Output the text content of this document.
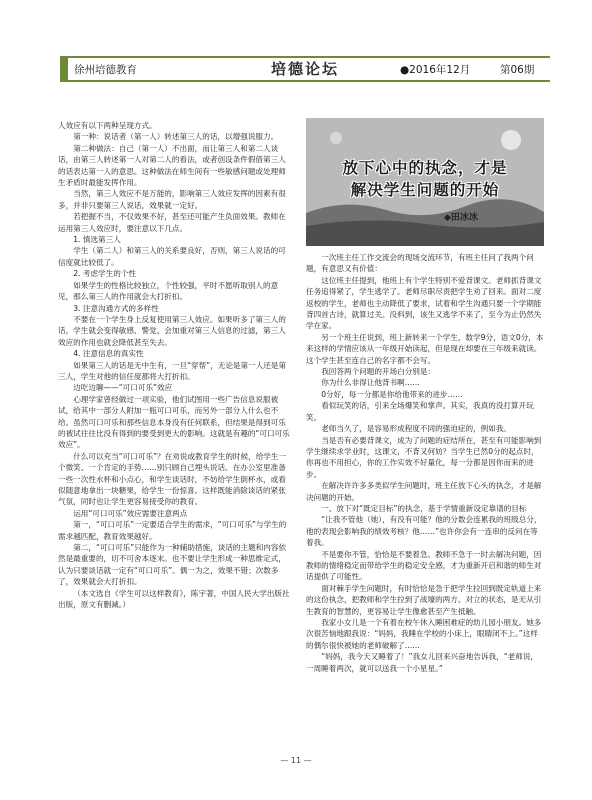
徐州培德教育	培德论坛	●2016年12月	第06期

人效应有以下两种呈现方式。

第一种：说话者（第一人）转述第三人的话，以增强说服力。

第二种做法：自己（第一人）不出面，而让第三人和第二人谈话，由第三人转述第一人对第二人的看法，或者创设条件假借第三人的话表达第一人的意思。这种做法在师生间有一些敏感问题或处理师生矛盾时最能发挥作用。

当然，第三人效应不是万能的，影响第三人效应发挥的因素有很多，并非只要第三人说话，效果就一定好。

若把握不当，不仅效果不好，甚至还可能产生负面效果。教师在运用第三人效应时，要注意以下几点。

1. 慎选第三人

学生（第二人）和第三人的关系要良好，否则，第三人说话的可信度就比较低了。

2. 考虑学生的个性

如果学生的性格比较独立，个性较强，平时不愿听取别人的意见，那么第三人的作用就会大打折扣。

3. 注意沟通方式的多样性

不要在一个学生身上反复使用第三人效应。如果听多了第三人的话，学生就会变得敏感、警觉，会加重对第三人信息的过滤，第三人效应的作用也就会降低甚至失去。

4. 注意信息的真实性

如果第三人的话是无中生有，一旦“穿帮”，无论是第一人还是第三人，学生对他的信任度都将大打折扣。

边吃边聊——“可口可乐”效应

心理学家曾经做过一项实验，他们试图用一些广告信息说服被试，给其中一部分人附加一瓶可口可乐，而另外一部分人什么也不给。虽然可口可乐和那些信息本身没有任何联系，但结果是得到可乐的被试往往比没有得到的要受到更大的影响。这就是有趣的“可口可乐效应”。

什么可以充当“可口可乐”？在劝说或教育学生的时候，给学生一个微笑、一个肯定的手势……别只顾自己埋头说话。在办公室里准备一些一次性水杯和小点心，和学生谈话时，不妨给学生倒杯水，或看似随意地拿出一块糖果，给学生一份惊喜。这样既能消除谈话的紧张气氛，同时也让学生更容易接受你的教育。

运用“可口可乐”效应需要注意两点

第一，“可口可乐”一定要适合学生的需求，“可口可乐”与学生的需求越匹配，教育效果越好。

第二，“可口可乐”只能作为一种辅助措施，谈话的主题和内容依然是最重要的，切不可舍本逐末。也不要让学生形成一种思维定式，认为只要谈话就一定有“可口可乐”。偶一为之，效果不错；次数多了，效果就会大打折扣。

（本文选自《学生可以这样教育》，陈宇著，中国人民大学出版社出版，原文有删减。）

放下心中的执念，才是
解决学生问题的开始
◆田冰冰

一次班主任工作交流会的现场交流环节，有班主任问了我两个问题，有意思又有价值：

这位班主任提到，他班上有个学生特别不爱背课文。老师抓背课文任务追得紧了，学生逃学了。老师尽职尽责把学生劝了回来。面对二度返校的学生，老师也主动降低了要求，试着和学生沟通只要一个学期能背四首古诗，就算过关。没料到，该生又逃学不来了，至今为止仍然失学在家。

另一个班主任说到，班上新转来一个学生，数学9分，语文0分，本来这样的学情应该从一年级开始读起，但是现在却要在三年级来就读。这个学生甚至连自己的名字都不会写。

我回答两个问题的开场白分别是：

你为什么非得让他背书啊……

0分好，每一分都是你给他带来的进步……

看似玩笑的话，引来全场爆笑和掌声。其实，我真的没打算开玩笑。

老师当久了，是容易形成程度不同的强迫症的，例如我。

当是否有必要背课文，成为了问题的症结所在，甚至有可能影响到学生继续求学业时，这课文，不背又何妨？当学生已然0分的起点时，你再也不用担心，你的工作实效不好量化，每一分都是因你而来的进步。

在解决许许多多类似学生问题时，班主任放下心头的执念，才是解决问题的开始。

一、放下对“既定目标”的执念，基于学情重新设定靠谱的目标

“让我不管他（她），有没有可能？他的分数会连累我的班级总分，他的表现会影响我的绩效考核？他……”也许你会有一连串的反问在等着我。

不是要你不管，恰恰是不要着急。教师不急于一时去解决问题，因教师的情绪稳定而带给学生的稳定安全感，才为重新开启和谐的师生对话提供了可能性。

面对棘手学生问题时，有时恰恰是急于把学生拉回到既定轨道上来的这份执念，把教师和学生拉到了战壕的两方。对立的状态，是无从引生教育的智慧的，更容易让学生像愈甚至产生抵触。

我家小女儿是一个有着在校午休入睡困难症的幼儿园小朋友。她多次很苦恼地跟我说：“妈妈，我睡在学校的小床上，眼睛闭不上。”这样的偶尔很快被她的老师破解了……

“妈妈，我今天又睡着了！”我女儿回来兴奋地告诉我，“老师说，一周睡着两次，就可以送我一个小星星。”

— 11 —
